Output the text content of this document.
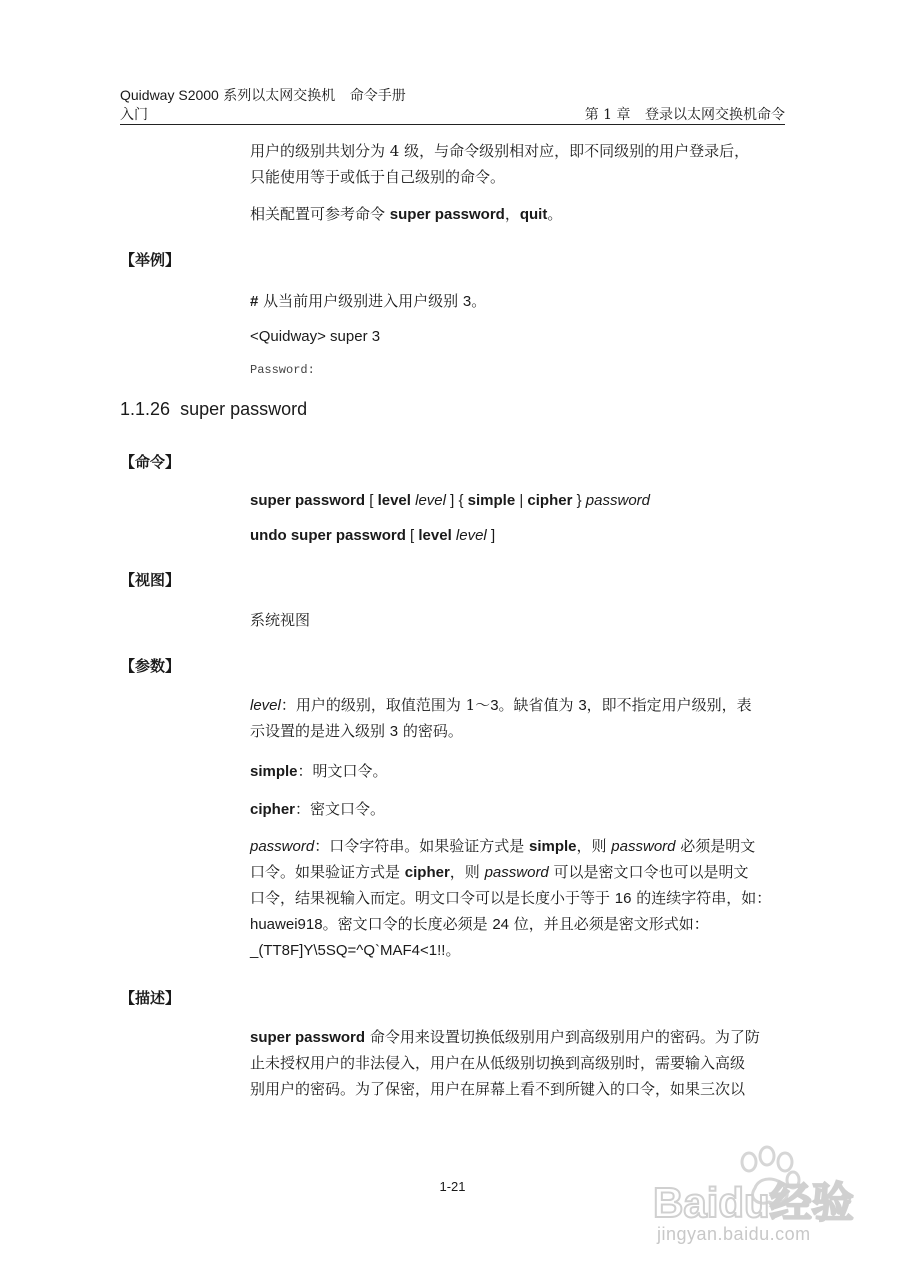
Quidway S2000 系列以太网交换机 命令手册
入门	第 1 章 登录以太网交换机命令
用户的级别共划分为 4 级，与命令级别相对应，即不同级别的用户登录后，
只能使用等于或低于自己级别的命令。
相关配置可参考命令 super password，quit。
【举例】
# 从当前用户级别进入用户级别 3。
<Quidway> super 3
Password:
1.1.26 super password
【命令】
super password [ level level ] { simple | cipher } password
undo super password [ level level ]
【视图】
系统视图
【参数】
level：用户的级别，取值范围为 1～3。缺省值为 3，即不指定用户级别，表
示设置的是进入级别 3 的密码。
simple：明文口令。
cipher：密文口令。
password：口令字符串。如果验证方式是 simple，则 password 必须是明文
口令。如果验证方式是 cipher，则 password 可以是密文口令也可以是明文
口令，结果视输入而定。明文口令可以是长度小于等于 16 的连续字符串，如：
huawei918。密文口令的长度必须是 24 位，并且必须是密文形式如：
_(TT8F]Y\5SQ=^Q`MAF4<1!!。
【描述】
super password 命令用来设置切换低级别用户到高级别用户的密码。为了防
止未授权用户的非法侵入，用户在从低级别切换到高级别时，需要输入高级
别用户的密码。为了保密，用户在屏幕上看不到所键入的口令，如果三次以
1-21	Baidu经验
jingyan.baidu.com
